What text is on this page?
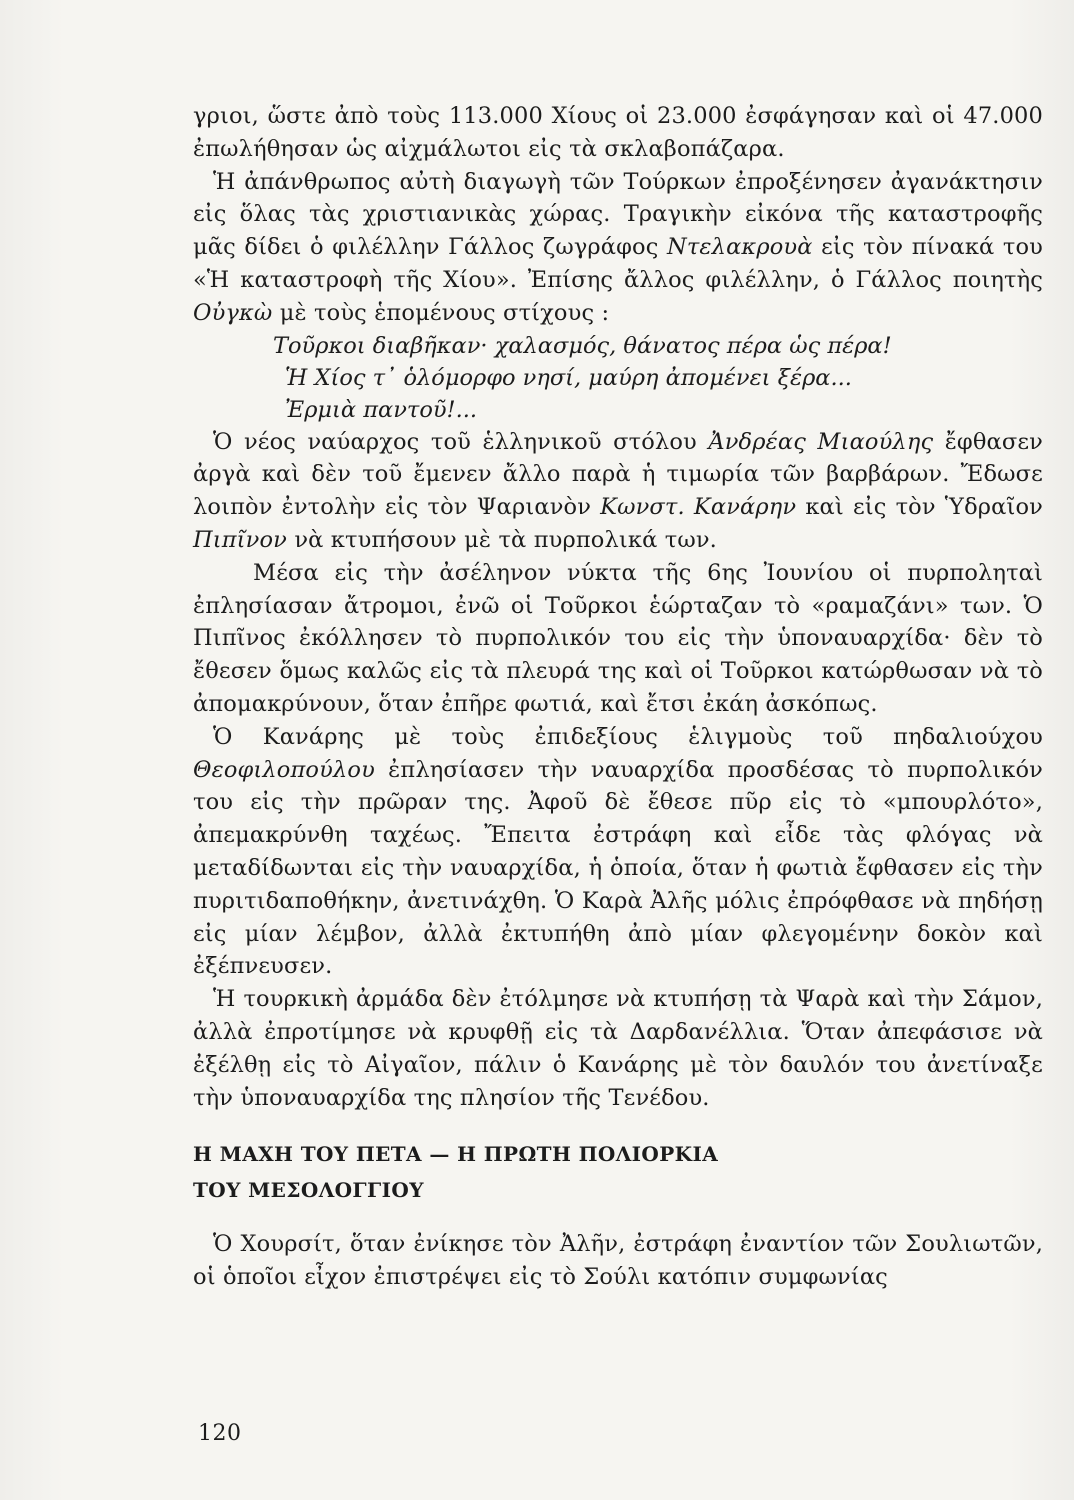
γριοι, ὥστε ἀπὸ τοὺς 113.000 Χίους οἱ 23.000 ἐσφάγησαν καὶ οἱ 47.000 ἐπωλήθησαν ὡς αἰχμάλωτοι εἰς τὰ σκλαβοπάζαρα.

Ἡ ἀπάνθρωπος αὐτὴ διαγωγὴ τῶν Τούρκων ἐπροξένησεν ἀγανάκτησιν εἰς ὅλας τὰς χριστιανικὰς χώρας. Τραγικὴν εἰκόνα τῆς καταστροφῆς μᾶς δίδει ὁ φιλέλλην Γάλλος ζωγράφος Ντελακρουὰ εἰς τὸν πίνακά του «Ἡ καταστροφὴ τῆς Χίου». Ἐπίσης ἄλλος φιλέλλην, ὁ Γάλλος ποιητὴς Οὐγκὼ μὲ τοὺς ἑπομένους στίχους :

Τοῦρκοι διαβῆκαν· χαλασμός, θάνατος πέρα ὡς πέρα!
Ἡ Χίος τ᾿ ὁλόμορφο νησί, μαύρη ἀπομένει ξέρα...
Ἐρμιὰ παντοῦ!...

Ὁ νέος ναύαρχος τοῦ ἑλληνικοῦ στόλου Ἀνδρέας Μιαούλης ἔφθασεν ἀργὰ καὶ δὲν τοῦ ἔμενεν ἄλλο παρὰ ἡ τιμωρία τῶν βαρβάρων. Ἔδωσε λοιπὸν ἐντολὴν εἰς τὸν Ψαριανὸν Κωνστ. Κανάρην καὶ εἰς τὸν Ὑδραῖον Πιπῖνον νὰ κτυπήσουν μὲ τὰ πυρπολικά των.

Μέσα εἰς τὴν ἀσέληνον νύκτα τῆς 6ης Ἰουνίου οἱ πυρποληταὶ ἐπλησίασαν ἄτρομοι, ἐνῶ οἱ Τοῦρκοι ἑώρταζαν τὸ «ραμαζάνι» των. Ὁ Πιπῖνος ἐκόλλησεν τὸ πυρπολικόν του εἰς τὴν ὑποναυαρχίδα· δὲν τὸ ἔθεσεν ὅμως καλῶς εἰς τὰ πλευρά της καὶ οἱ Τοῦρκοι κατώρθωσαν νὰ τὸ ἀπομακρύνουν, ὅταν ἐπῆρε φωτιά, καὶ ἔτσι ἐκάη ἀσκόπως.

Ὁ Κανάρης μὲ τοὺς ἐπιδεξίους ἑλιγμοὺς τοῦ πηδαλιούχου Θεοφιλοπούλου ἐπλησίασεν τὴν ναυαρχίδα προσδέσας τὸ πυρπολικόν του εἰς τὴν πρῶραν της. Ἀφοῦ δὲ ἔθεσε πῦρ εἰς τὸ «μπουρλότο», ἀπεμακρύνθη ταχέως. Ἔπειτα ἐστράφη καὶ εἶδε τὰς φλόγας νὰ μεταδίδωνται εἰς τὴν ναυαρχίδα, ἡ ὁποία, ὅταν ἡ φωτιὰ ἔφθασεν εἰς τὴν πυριτιδαποθήκην, ἀνετινάχθη. Ὁ Καρὰ Ἀλῆς μόλις ἐπρόφθασε νὰ πηδήσῃ εἰς μίαν λέμβον, ἀλλὰ ἐκτυπήθη ἀπὸ μίαν φλεγομένην δοκὸν καὶ ἐξέπνευσεν.

Ἡ τουρκικὴ ἀρμάδα δὲν ἐτόλμησε νὰ κτυπήσῃ τὰ Ψαρὰ καὶ τὴν Σάμον, ἀλλὰ ἐπροτίμησε νὰ κρυφθῇ εἰς τὰ Δαρδανέλλια. Ὅταν ἀπεφάσισε νὰ ἐξέλθῃ εἰς τὸ Αἰγαῖον, πάλιν ὁ Κανάρης μὲ τὸν δαυλόν του ἀνετίναξε τὴν ὑποναυαρχίδα της πλησίον τῆς Τενέδου.

Η ΜΑΧΗ ΤΟΥ ΠΕΤΑ — Η ΠΡΩΤΗ ΠΟΛΙΟΡΚΙΑ
ΤΟΥ ΜΕΣΟΛΟΓΓΙΟΥ

Ὁ Χουρσίτ, ὅταν ἐνίκησε τὸν Ἀλῆν, ἐστράφη ἐναντίον τῶν Σουλιωτῶν, οἱ ὁποῖοι εἶχον ἐπιστρέψει εἰς τὸ Σούλι κατόπιν συμφωνίας

120
